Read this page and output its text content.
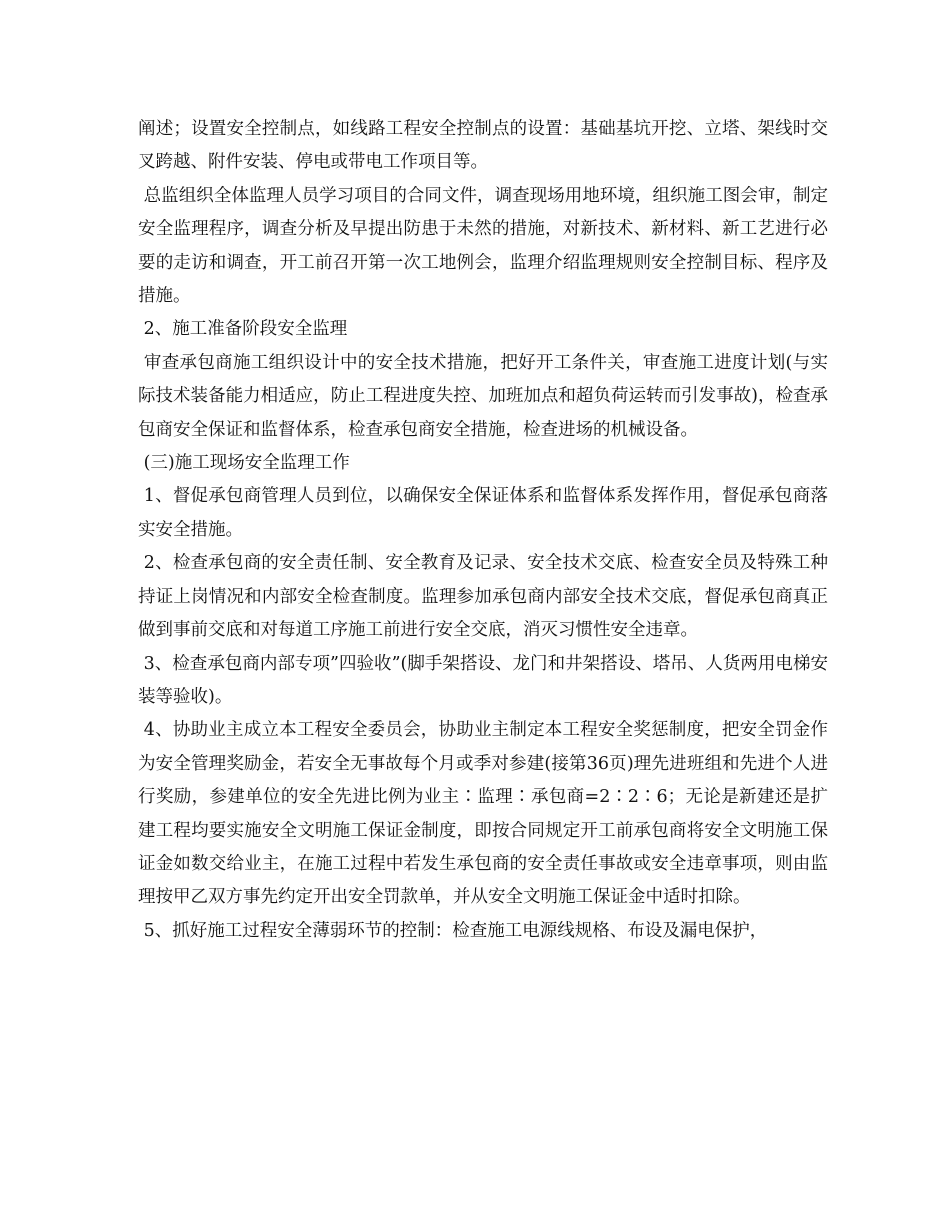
阐述；设置安全控制点，如线路工程安全控制点的设置：基础基坑开挖、立塔、架线时交叉跨越、附件安装、停电或带电工作项目等。

总监组织全体监理人员学习项目的合同文件，调查现场用地环境，组织施工图会审，制定安全监理程序，调查分析及早提出防患于未然的措施，对新技术、新材料、新工艺进行必要的走访和调查，开工前召开第一次工地例会，监理介绍监理规则安全控制目标、程序及措施。

2、施工准备阶段安全监理

审查承包商施工组织设计中的安全技术措施，把好开工条件关，审查施工进度计划(与实际技术装备能力相适应，防止工程进度失控、加班加点和超负荷运转而引发事故)，检查承包商安全保证和监督体系，检查承包商安全措施，检查进场的机械设备。

(三)施工现场安全监理工作

1、督促承包商管理人员到位，以确保安全保证体系和监督体系发挥作用，督促承包商落实安全措施。

2、检查承包商的安全责任制、安全教育及记录、安全技术交底、检查安全员及特殊工种持证上岗情况和内部安全检查制度。监理参加承包商内部安全技术交底，督促承包商真正做到事前交底和对每道工序施工前进行安全交底，消灭习惯性安全违章。

3、检查承包商内部专项”四验收”(脚手架搭设、龙门和井架搭设、塔吊、人货两用电梯安装等验收)。

4、协助业主成立本工程安全委员会，协助业主制定本工程安全奖惩制度，把安全罚金作为安全管理奖励金，若安全无事故每个月或季对参建(接第36页)理先进班组和先进个人进行奖励，参建单位的安全先进比例为业主∶监理∶承包商=2∶2∶6；无论是新建还是扩建工程均要实施安全文明施工保证金制度，即按合同规定开工前承包商将安全文明施工保证金如数交给业主，在施工过程中若发生承包商的安全责任事故或安全违章事项，则由监理按甲乙双方事先约定开出安全罚款单，并从安全文明施工保证金中适时扣除。

5、抓好施工过程安全薄弱环节的控制：检查施工电源线规格、布设及漏电保护，
